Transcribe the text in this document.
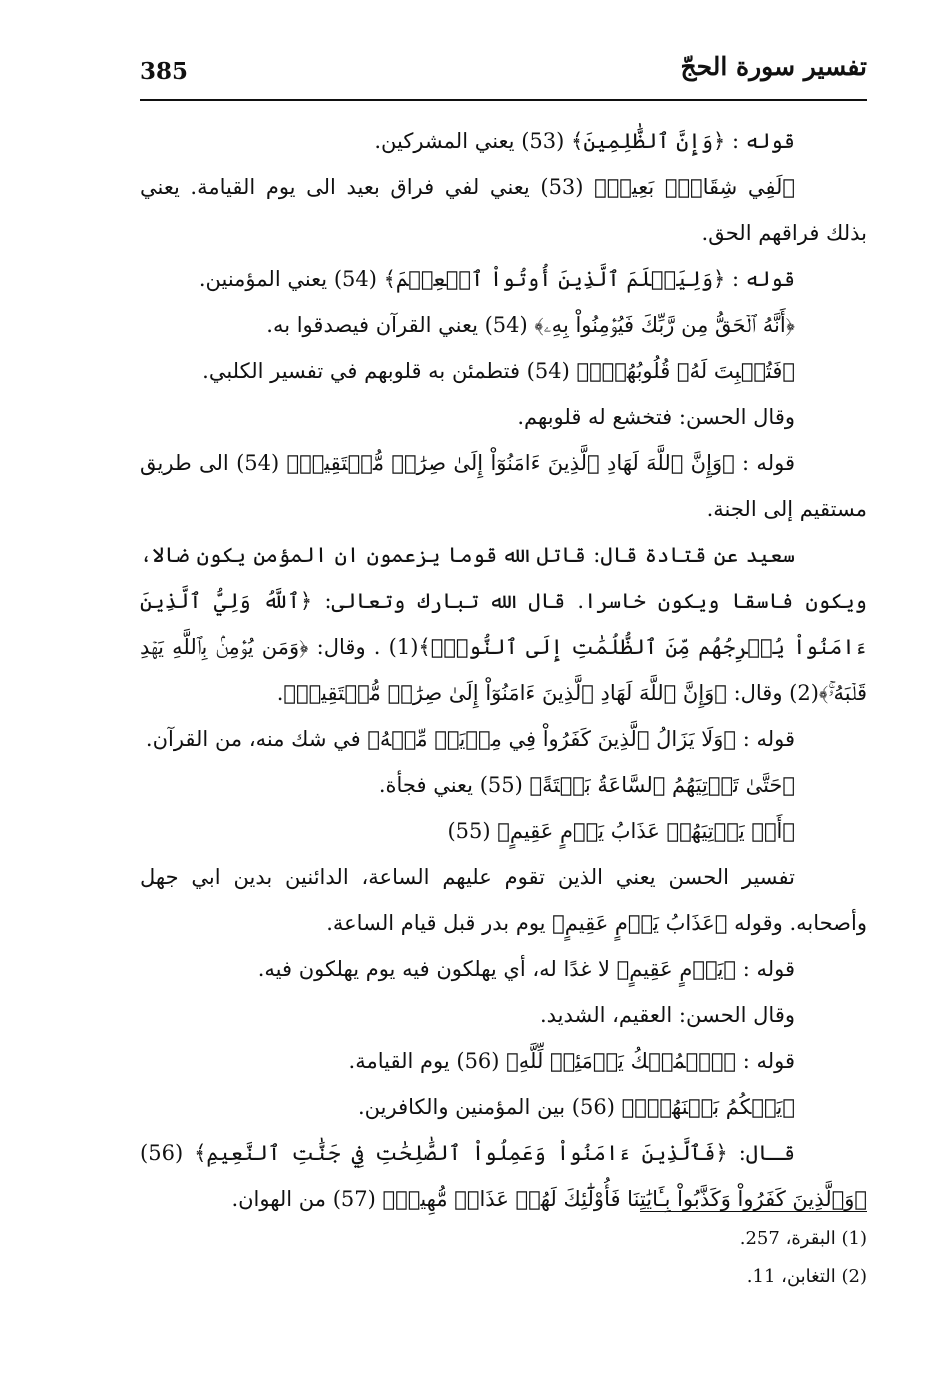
385	تفسير سورة الحجّ

قوله : ﴿وَإِنَّ ٱلظَّٰلِمِينَ﴾ (53) يعني المشركين.

﴿لَفِي شِقَاقٍۭ بَعِيدٖ﴾ (53) يعني لفي فراق بعيد الى يوم القيامة. يعني بذلك فراقهم الحق.

قوله : ﴿وَلِيَعۡلَمَ ٱلَّذِينَ أُوتُواْ ٱلۡعِلۡمَ﴾ (54) يعني المؤمنين.

﴿أَنَّهُ ٱلۡحَقُّ مِن رَّبِّكَ فَيُؤۡمِنُواْ بِهِۦ﴾ (54) يعني القرآن فيصدقوا به.

﴿فَتُخۡبِتَ لَهُۥ قُلُوبُهُمۡۗ﴾ (54) فتطمئن به قلوبهم في تفسير الكلبي.

وقال الحسن: فتخشع له قلوبهم.

قوله : ﴿وَإِنَّ ٱللَّهَ لَهَادِ ٱلَّذِينَ ءَامَنُوٓاْ إِلَىٰ صِرَٰطٖ مُّسۡتَقِيمٖ﴾ (54) الى طريق مستقيم إلى الجنة.

سعيد عن قتادة قال: قاتل الله قوما يزعمون ان المؤمن يكون ضالا، ويكون فاسقا ويكون خاسرا. قال الله تبارك وتعالى: ﴿ٱللَّهُ وَلِيُّ ٱلَّذِينَ ءَامَنُواْ يُخۡرِجُهُم مِّنَ ٱلظُّلُمَٰتِ إِلَى ٱلنُّورِۖ﴾(1) . وقال: ﴿وَمَن يُؤۡمِنۢ بِٱللَّهِ يَهۡدِ قَلۡبَهُۥۚ﴾(2) وقال: ﴿وَإِنَّ ٱللَّهَ لَهَادِ ٱلَّذِينَ ءَامَنُوٓاْ إِلَىٰ صِرَٰطٖ مُّسۡتَقِيمٖ﴾.

قوله : ﴿وَلَا يَزَالُ ٱلَّذِينَ كَفَرُواْ فِي مِرۡيَةٖ مِّنۡهُ﴾ في شك منه، من القرآن.

﴿حَتَّىٰ تَأۡتِيَهُمُ ٱلسَّاعَةُ بَغۡتَةً﴾ (55) يعني فجأة.

﴿أَوۡ يَأۡتِيَهُمۡ عَذَابُ يَوۡمٍ عَقِيمٍ﴾ (55)

تفسير الحسن يعني الذين تقوم عليهم الساعة، الدائنين بدين ابي جهل وأصحابه. وقوله ﴿عَذَابُ يَوۡمٍ عَقِيمٍ﴾ يوم بدر قبل قيام الساعة.

قوله : ﴿يَوۡمٍ عَقِيمٍ﴾ لا غدًا له، أي يهلكون فيه يوم يهلكون فيه.

وقال الحسن: العقيم، الشديد.

قوله : ﴿ٱلۡمُلۡكُ يَوۡمَئِذٖ لِّلَّهِ﴾ (56) يوم القيامة.

﴿يَحۡكُمُ بَيۡنَهُمۡۚ﴾ (56) بين المؤمنين والكافرين.

قـال: ﴿فَٱلَّذِينَ ءَامَنُواْ وَعَمِلُواْ ٱلصَّٰلِحَٰتِ فِي جَنَّٰتِ ٱلنَّعِيمِ﴾ (56) ﴿وَٱلَّذِينَ كَفَرُواْ وَكَذَّبُواْ بِـَٔايَٰتِنَا فَأُوْلَٰٓئِكَ لَهُمۡ عَذَابٞ مُّهِينٞ﴾ (57) من الهوان.

(1) البقرة، 257.

(2) التغابن، 11.
